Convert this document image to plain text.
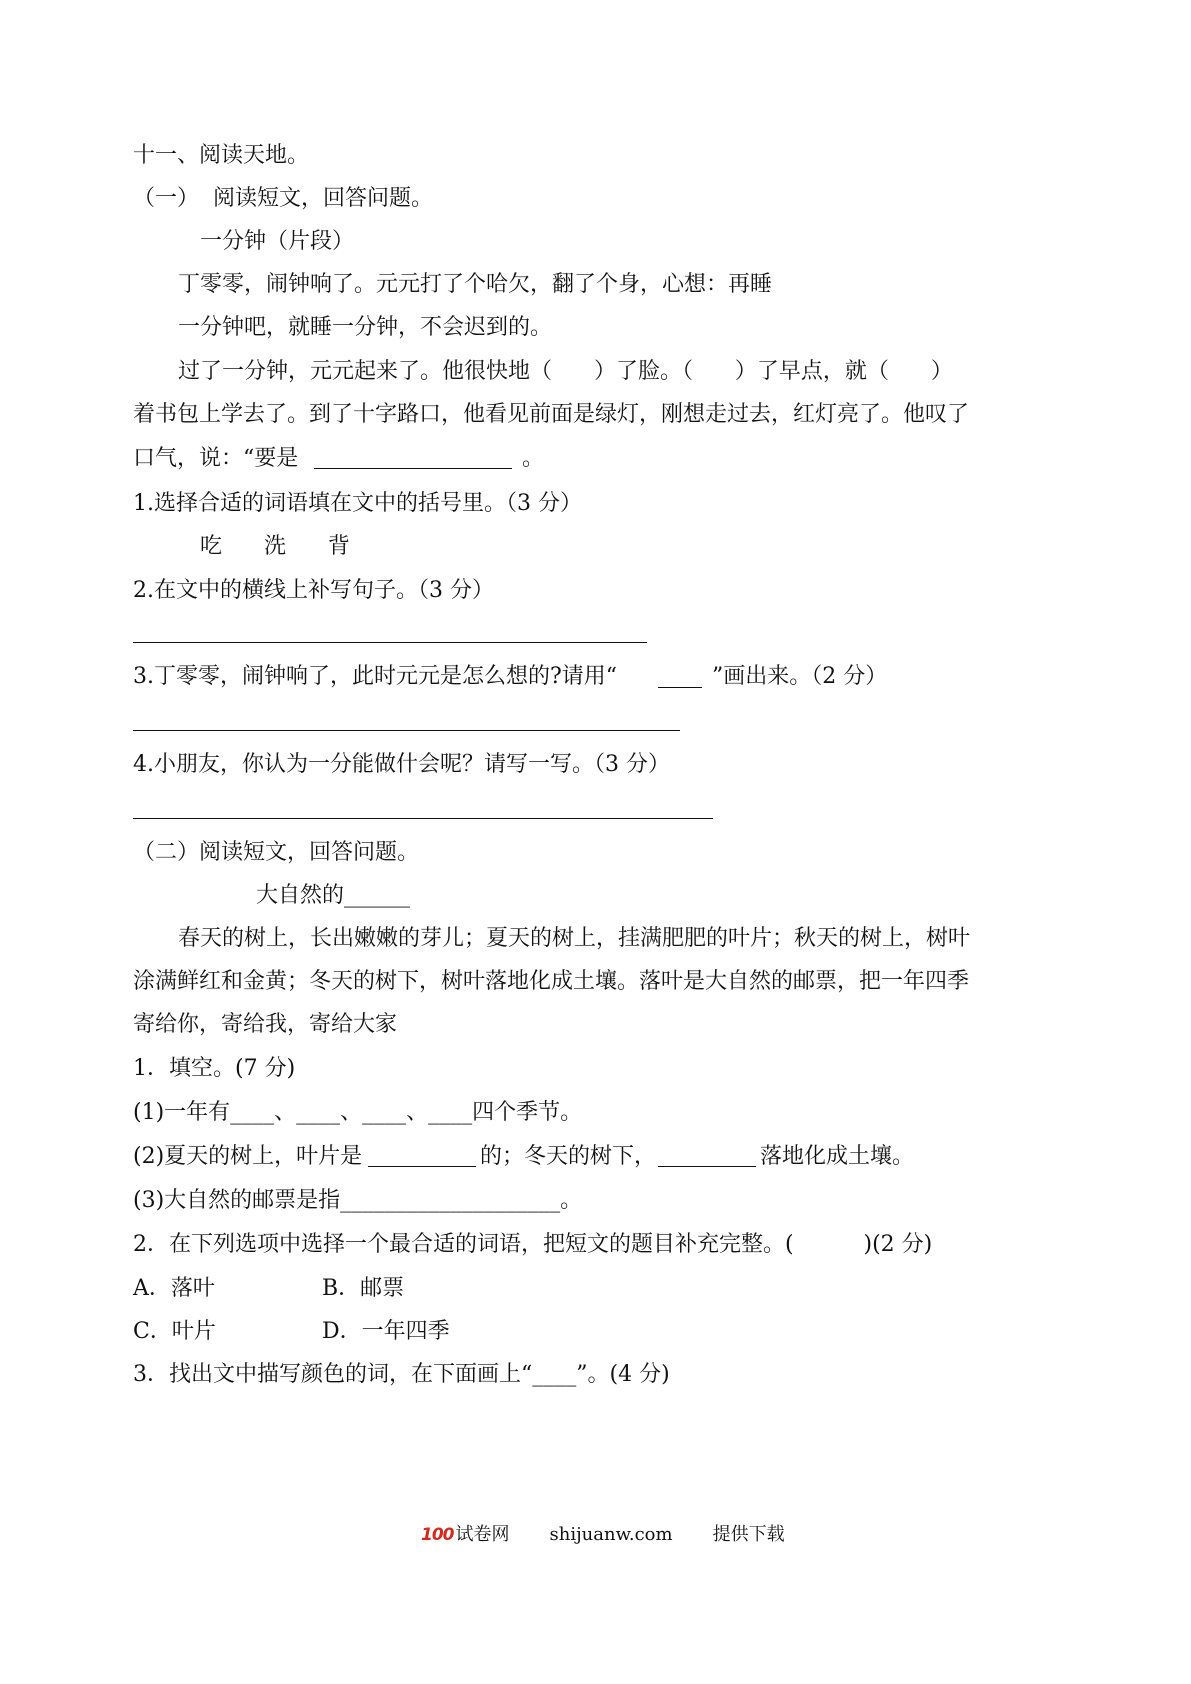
十一、阅读天地。
（一）  阅读短文，回答问题。
一分钟（片段）
丁零零，闹钟响了。元元打了个哈欠，翻了个身，心想：再睡
一分钟吧，就睡一分钟，不会迟到的。
过了一分钟，元元起来了。他很快地（      ）了脸。（      ）了早点，就（      ）
着书包上学去了。到了十字路口，他看见前面是绿灯，刚想走过去，红灯亮了。他叹了
口气，说：“要是	。
1.选择合适的词语填在文中的括号里。（3 分）
吃      洗      背
2.在文中的横线上补写句子。（3 分）
3.丁零零，闹钟响了，此时元元是怎么想的?请用“	”画出来。（2 分）
4.小朋友，你认为一分能做什会呢？请写一写。（3 分）
（二）阅读短文，回答问题。
大自然的______
春天的树上，长出嫩嫩的芽儿；夏天的树上，挂满肥肥的叶片；秋天的树上，树叶
涂满鲜红和金黄；冬天的树下，树叶落地化成土壤。落叶是大自然的邮票，把一年四季
寄给你，寄给我，寄给大家
1．填空。(7 分)
(1)一年有____、____、____、____四个季节。
(2)夏天的树上，叶片是	的；冬天的树下，	落地化成土壤。
(3)大自然的邮票是指____________________。
2．在下列选项中选择一个最合适的词语，把短文的题目补充完整。(          )(2 分)
A．落叶	B．邮票
C．叶片	D．一年四季
3．找出文中描写颜色的词，在下面画上“____”。(4 分)
100 试卷网 shijuanw.com 提供下载
